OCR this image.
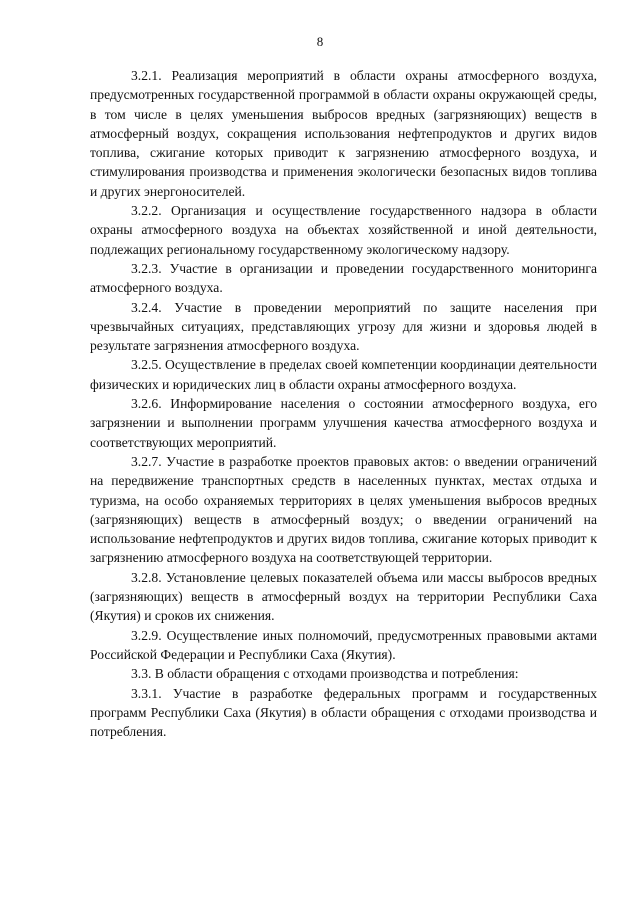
8

3.2.1. Реализация мероприятий в области охраны атмосферного воздуха, предусмотренных государственной программой в области охраны окружающей среды, в том числе в целях уменьшения выбросов вредных (загрязняющих) веществ в атмосферный воздух, сокращения использования нефтепродуктов и других видов топлива, сжигание которых приводит к загрязнению атмосферного воздуха, и стимулирования производства и применения экологически безопасных видов топлива и других энергоносителей.

3.2.2. Организация и осуществление государственного надзора в области охраны атмосферного воздуха на объектах хозяйственной и иной деятельности, подлежащих региональному государственному экологическому надзору.

3.2.3. Участие в организации и проведении государственного мониторинга атмосферного воздуха.

3.2.4. Участие в проведении мероприятий по защите населения при чрезвычайных ситуациях, представляющих угрозу для жизни и здоровья людей в результате загрязнения атмосферного воздуха.

3.2.5. Осуществление в пределах своей компетенции координации деятельности физических и юридических лиц в области охраны атмосферного воздуха.

3.2.6. Информирование населения о состоянии атмосферного воздуха, его загрязнении и выполнении программ улучшения качества атмосферного воздуха и соответствующих мероприятий.

3.2.7. Участие в разработке проектов правовых актов: о введении ограничений на передвижение транспортных средств в населенных пунктах, местах отдыха и туризма, на особо охраняемых территориях в целях уменьшения выбросов вредных (загрязняющих) веществ в атмосферный воздух; о введении ограничений на использование нефтепродуктов и других видов топлива, сжигание которых приводит к загрязнению атмосферного воздуха на соответствующей территории.

3.2.8. Установление целевых показателей объема или массы выбросов вредных (загрязняющих) веществ в атмосферный воздух на территории Республики Саха (Якутия) и сроков их снижения.

3.2.9. Осуществление иных полномочий, предусмотренных правовыми актами Российской Федерации и Республики Саха (Якутия).

3.3. В области обращения с отходами производства и потребления:

3.3.1. Участие в разработке федеральных программ и государственных программ Республики Саха (Якутия) в области обращения с отходами производства и потребления.
